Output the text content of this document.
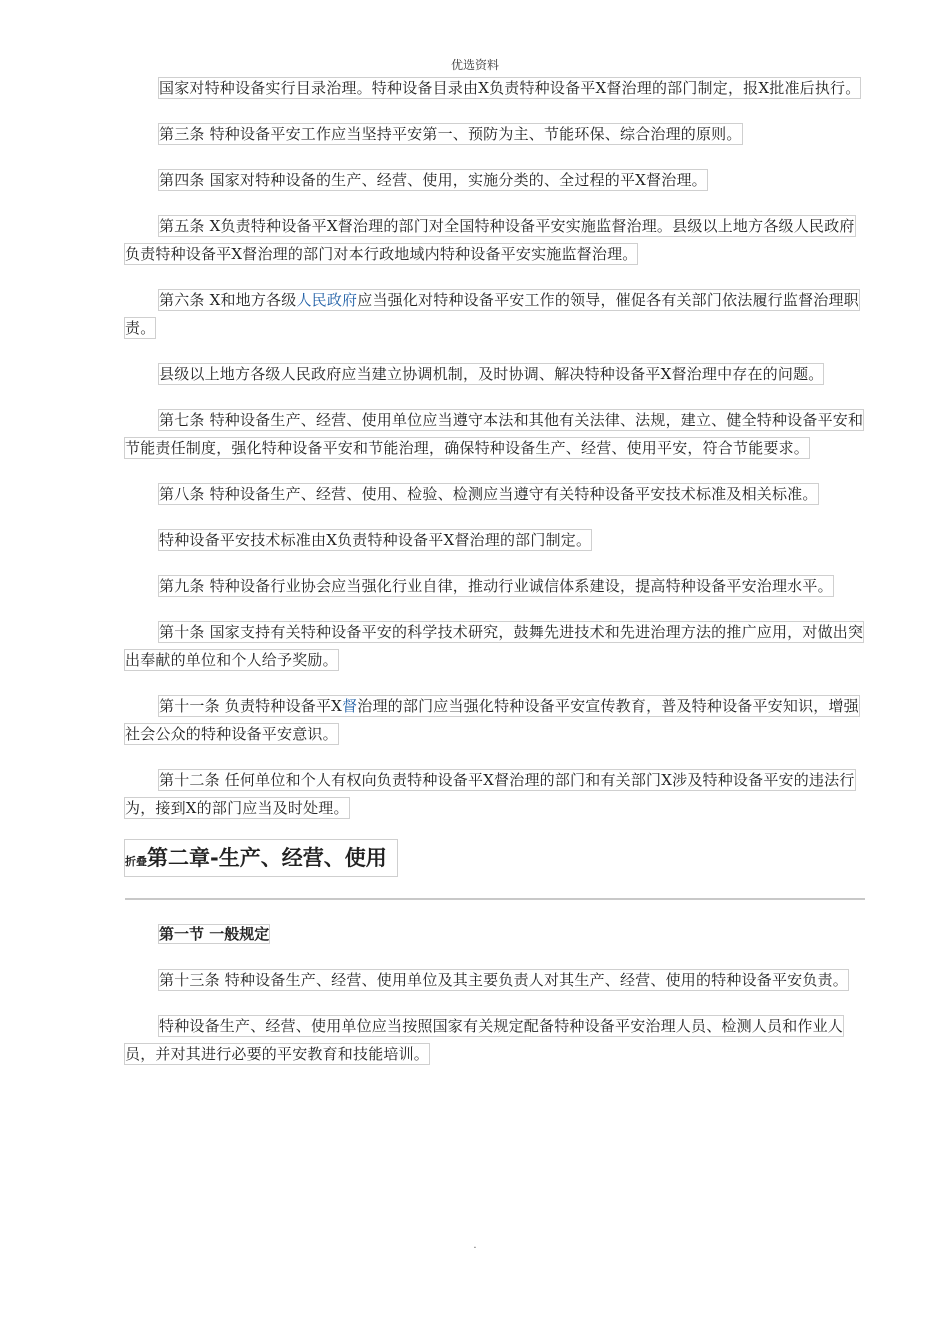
优选资料

国家对特种设备实行目录治理。特种设备目录由X负责特种设备平X督治理的部门制定，报X批准后执行。

第三条 特种设备平安工作应当坚持平安第一、预防为主、节能环保、综合治理的原则。

第四条 国家对特种设备的生产、经营、使用，实施分类的、全过程的平X督治理。

第五条 X负责特种设备平X督治理的部门对全国特种设备平安实施监督治理。县级以上地方各级人民政府负责特种设备平X督治理的部门对本行政地域内特种设备平安实施监督治理。

第六条 X和地方各级人民政府应当强化对特种设备平安工作的领导，催促各有关部门依法履行监督治理职责。

县级以上地方各级人民政府应当建立协调机制，及时协调、解决特种设备平X督治理中存在的问题。

第七条 特种设备生产、经营、使用单位应当遵守本法和其他有关法律、法规，建立、健全特种设备平安和节能责任制度，强化特种设备平安和节能治理，确保特种设备生产、经营、使用平安，符合节能要求。

第八条 特种设备生产、经营、使用、检验、检测应当遵守有关特种设备平安技术标准及相关标准。

特种设备平安技术标准由X负责特种设备平X督治理的部门制定。

第九条 特种设备行业协会应当强化行业自律，推动行业诚信体系建设，提高特种设备平安治理水平。

第十条 国家支持有关特种设备平安的科学技术研究，鼓舞先进技术和先进治理方法的推广应用，对做出突出奉献的单位和个人给予奖励。

第十一条 负责特种设备平X督治理的部门应当强化特种设备平安宣传教育，普及特种设备平安知识，增强社会公众的特种设备平安意识。

第十二条 任何单位和个人有权向负责特种设备平X督治理的部门和有关部门X涉及特种设备平安的违法行为，接到X的部门应当及时处理。

折叠第二章-生产、经营、使用

第一节 一般规定

第十三条 特种设备生产、经营、使用单位及其主要负责人对其生产、经营、使用的特种设备平安负责。

特种设备生产、经营、使用单位应当按照国家有关规定配备特种设备平安治理人员、检测人员和作业人员，并对其进行必要的平安教育和技能培训。

.
